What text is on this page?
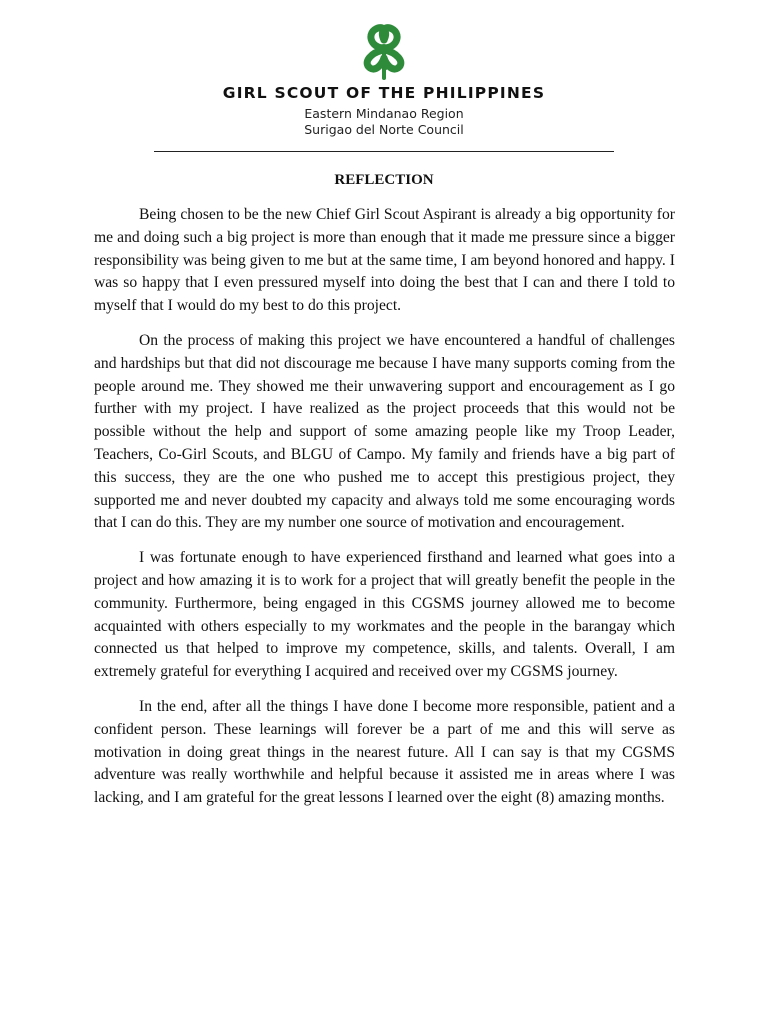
GIRL SCOUT OF THE PHILIPPINES
Eastern Mindanao Region
Surigao del Norte Council
REFLECTION

Being chosen to be the new Chief Girl Scout Aspirant is already a big opportunity for me and doing such a big project is more than enough that it made me pressure since a bigger responsibility was being given to me but at the same time, I am beyond honored and happy. I was so happy that I even pressured myself into doing the best that I can and there I told to myself that I would do my best to do this project.

On the process of making this project we have encountered a handful of challenges and hardships but that did not discourage me because I have many supports coming from the people around me. They showed me their unwavering support and encouragement as I go further with my project. I have realized as the project proceeds that this would not be possible without the help and support of some amazing people like my Troop Leader, Teachers, Co-Girl Scouts, and BLGU of Campo. My family and friends have a big part of this success, they are the one who pushed me to accept this prestigious project, they supported me and never doubted my capacity and always told me some encouraging words that I can do this. They are my number one source of motivation and encouragement.

I was fortunate enough to have experienced firsthand and learned what goes into a project and how amazing it is to work for a project that will greatly benefit the people in the community. Furthermore, being engaged in this CGSMS journey allowed me to become acquainted with others especially to my workmates and the people in the barangay which connected us that helped to improve my competence, skills, and talents. Overall, I am extremely grateful for everything I acquired and received over my CGSMS journey.

In the end, after all the things I have done I become more responsible, patient and a confident person. These learnings will forever be a part of me and this will serve as motivation in doing great things in the nearest future. All I can say is that my CGSMS adventure was really worthwhile and helpful because it assisted me in areas where I was lacking, and I am grateful for the great lessons I learned over the eight (8) amazing months.
